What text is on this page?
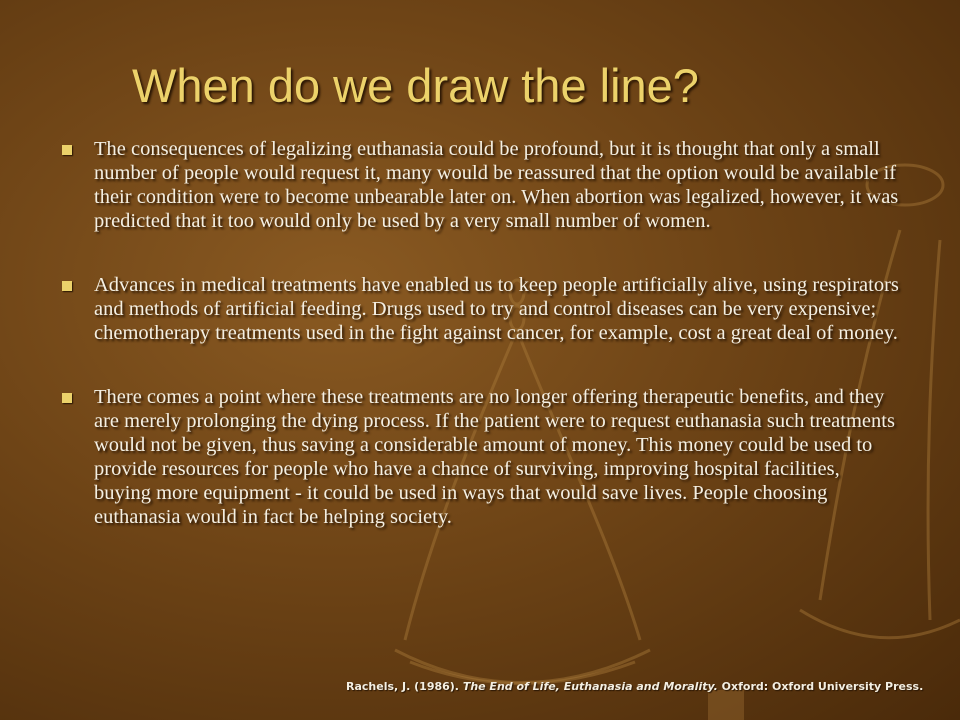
When do we draw the line?
The consequences of legalizing euthanasia could be profound, but it is thought that only a small number of people would request it, many would be reassured that the option would be available if their condition were to become unbearable later on. When abortion was legalized, however, it was predicted that it too would only be used by a very small number of women.
Advances in medical treatments have enabled us to keep people artificially alive, using respirators and methods of artificial feeding. Drugs used to try and control diseases can be very expensive; chemotherapy treatments used in the fight against cancer, for example, cost a great deal of money.
There comes a point where these treatments are no longer offering therapeutic benefits, and they are merely prolonging the dying process. If the patient were to request euthanasia such treatments would not be given, thus saving a considerable amount of money. This money could be used to provide resources for people who have a chance of surviving, improving hospital facilities, buying more equipment - it could be used in ways that would save lives. People choosing euthanasia would in fact be helping society.

Rachels, J. (1986). The End of Life, Euthanasia and Morality. Oxford: Oxford University Press.
